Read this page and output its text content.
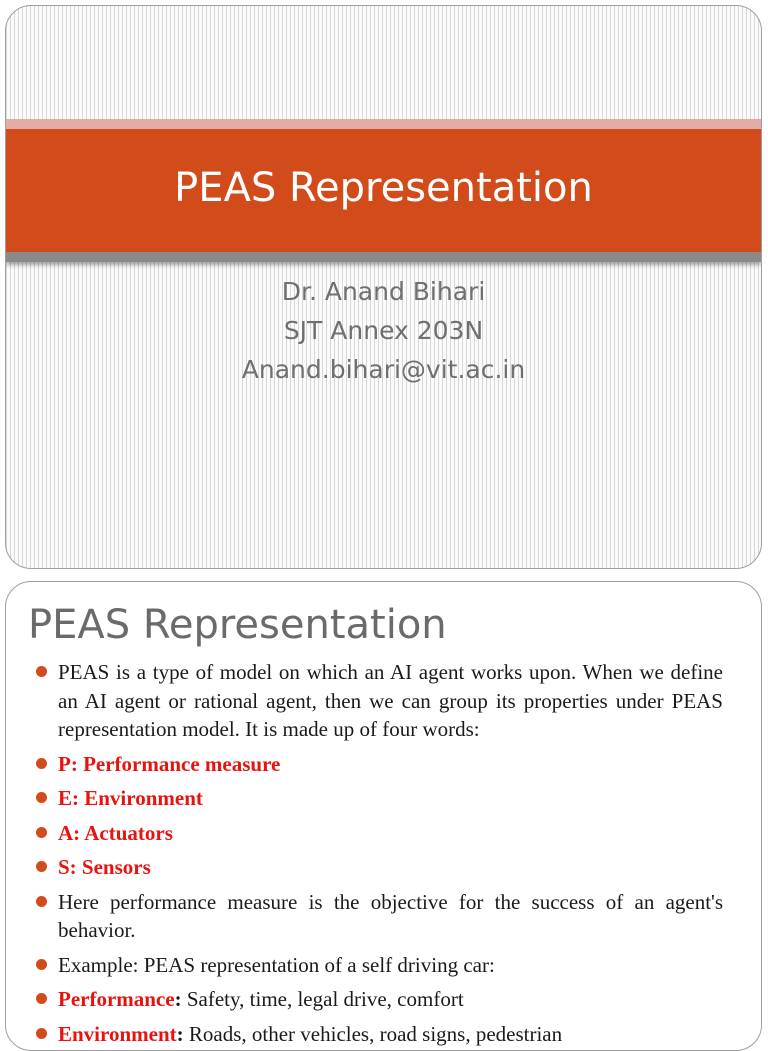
PEAS Representation
Dr. Anand Bihari
SJT Annex 203N
Anand.bihari@vit.ac.in
PEAS Representation
PEAS is a type of model on which an AI agent works upon. When we define an AI agent or rational agent, then we can group its properties under PEAS representation model. It is made up of four words:
P: Performance measure
E: Environment
A: Actuators
S: Sensors
Here performance measure is the objective for the success of an agent's behavior.
Example: PEAS representation of a self driving car:
Performance: Safety, time, legal drive, comfort
Environment: Roads, other vehicles, road signs, pedestrian
